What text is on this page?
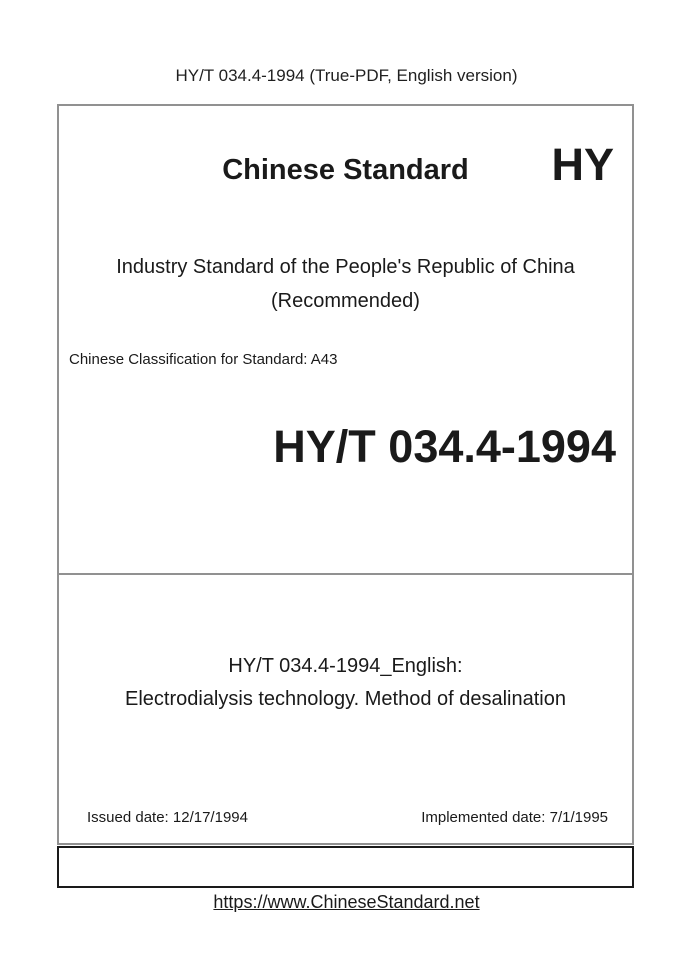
HY/T 034.4-1994 (True-PDF, English version)
Chinese Standard	HY
Industry Standard of the People's Republic of China
(Recommended)
Chinese Classification for Standard: A43
HY/T 034.4-1994
HY/T 034.4-1994_English:
Electrodialysis technology. Method of desalination
Issued date: 12/17/1994	Implemented date: 7/1/1995
https://www.ChineseStandard.net
